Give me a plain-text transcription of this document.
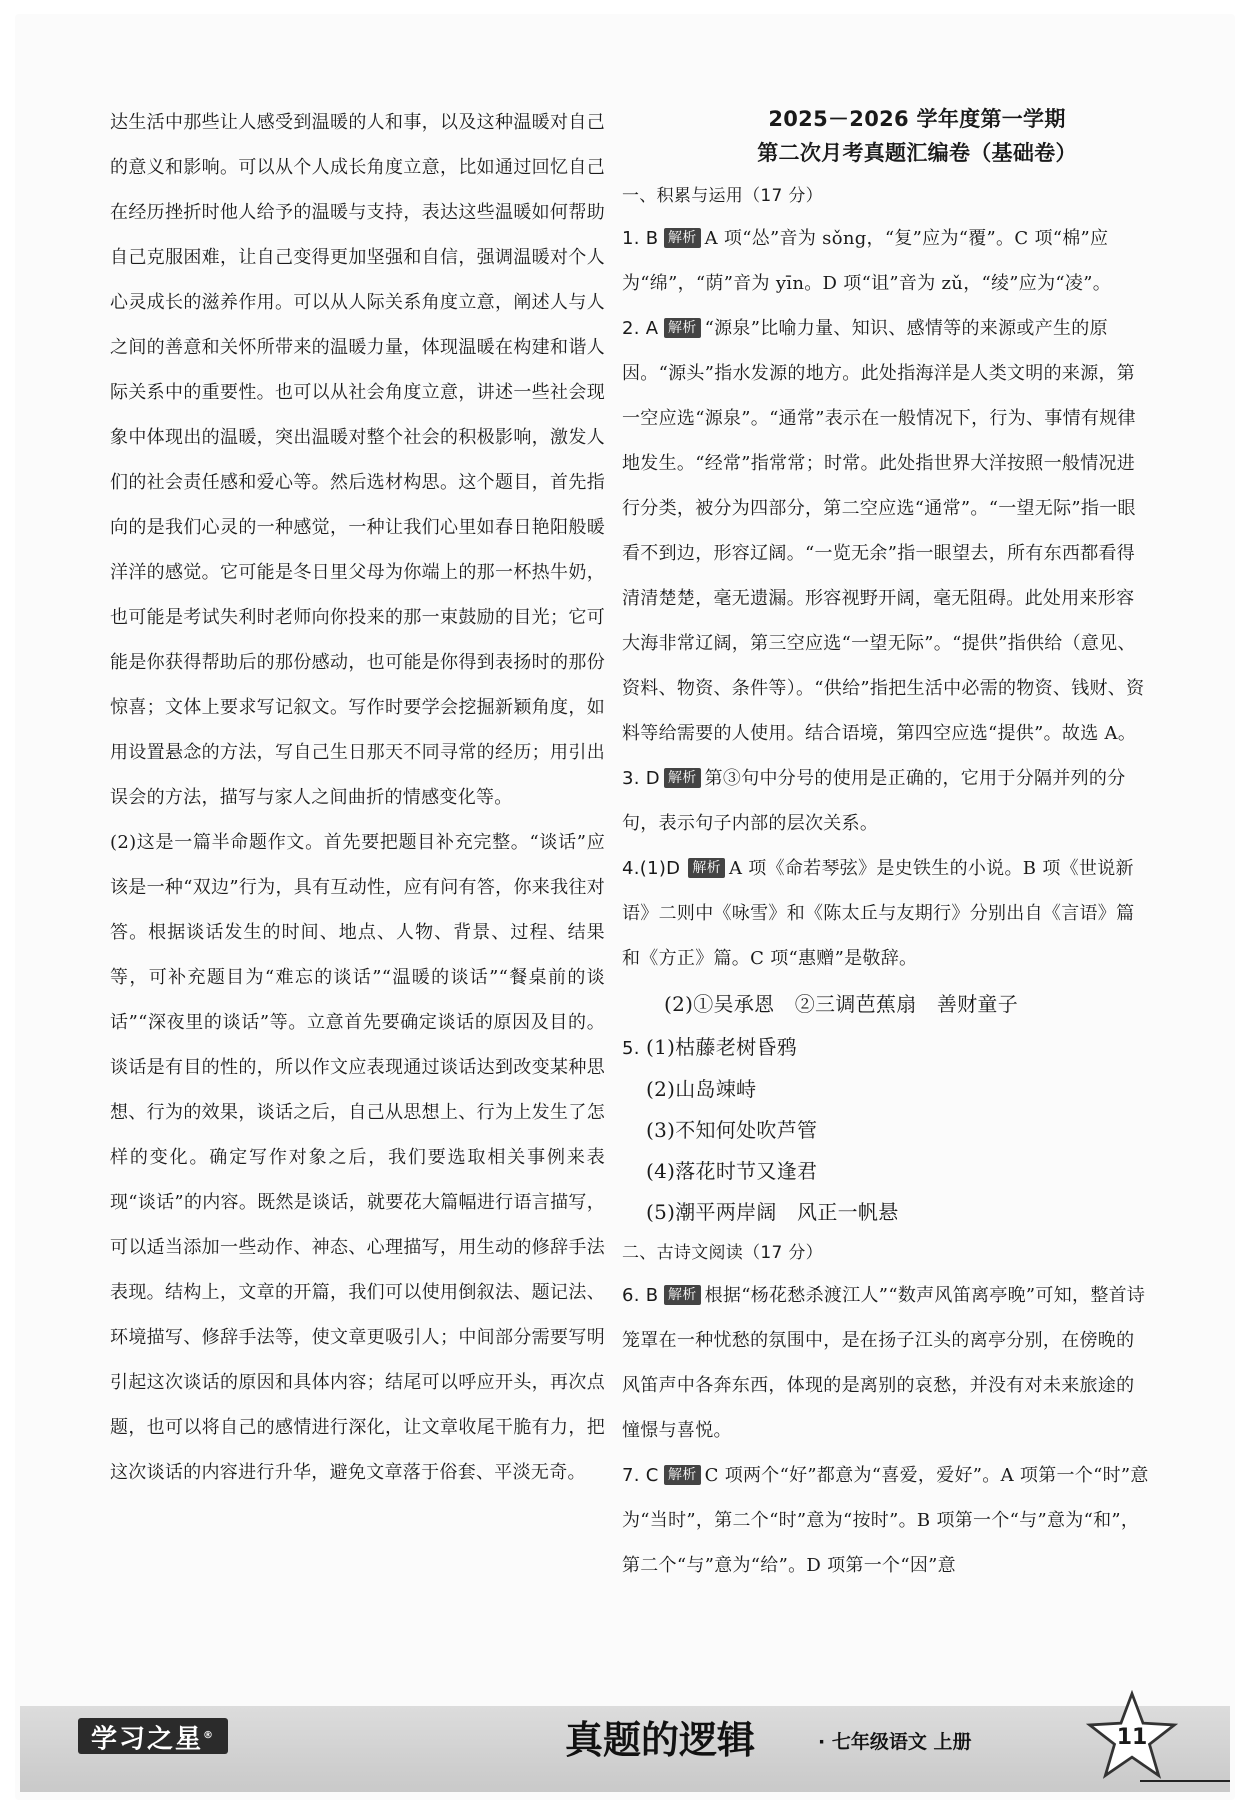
达生活中那些让人感受到温暖的人和事，以及这种温暖对自己的意义和影响。可以从个人成长角度立意，比如通过回忆自己在经历挫折时他人给予的温暖与支持，表达这些温暖如何帮助自己克服困难，让自己变得更加坚强和自信，强调温暖对个人心灵成长的滋养作用。可以从人际关系角度立意，阐述人与人之间的善意和关怀所带来的温暖力量，体现温暖在构建和谐人际关系中的重要性。也可以从社会角度立意，讲述一些社会现象中体现出的温暖，突出温暖对整个社会的积极影响，激发人们的社会责任感和爱心等。然后选材构思。这个题目，首先指向的是我们心灵的一种感觉，一种让我们心里如春日艳阳般暖洋洋的感觉。它可能是冬日里父母为你端上的那一杯热牛奶，也可能是考试失利时老师向你投来的那一束鼓励的目光；它可能是你获得帮助后的那份感动，也可能是你得到表扬时的那份惊喜；文体上要求写记叙文。写作时要学会挖掘新颖角度，如用设置悬念的方法，写自己生日那天不同寻常的经历；用引出误会的方法，描写与家人之间曲折的情感变化等。

(2)这是一篇半命题作文。首先要把题目补充完整。“谈话”应该是一种“双边”行为，具有互动性，应有问有答，你来我往对答。根据谈话发生的时间、地点、人物、背景、过程、结果等，可补充题目为“难忘的谈话”“温暖的谈话”“餐桌前的谈话”“深夜里的谈话”等。立意首先要确定谈话的原因及目的。谈话是有目的性的，所以作文应表现通过谈话达到改变某种思想、行为的效果，谈话之后，自己从思想上、行为上发生了怎样的变化。确定写作对象之后，我们要选取相关事例来表现“谈话”的内容。既然是谈话，就要花大篇幅进行语言描写，可以适当添加一些动作、神态、心理描写，用生动的修辞手法表现。结构上，文章的开篇，我们可以使用倒叙法、题记法、环境描写、修辞手法等，使文章更吸引人；中间部分需要写明引起这次谈话的原因和具体内容；结尾可以呼应开头，再次点题，也可以将自己的感情进行深化，让文章收尾干脆有力，把这次谈话的内容进行升华，避免文章落于俗套、平淡无奇。

2025－2026 学年度第一学期
第二次月考真题汇编卷（基础卷）

一、积累与运用（17 分）

1. B 解析 A 项“怂”音为 sǒng，“复”应为“覆”。C 项“棉”应为“绵”，“荫”音为 yīn。D 项“诅”音为 zǔ，“绫”应为“凌”。

2. A 解析 “源泉”比喻力量、知识、感情等的来源或产生的原因。“源头”指水发源的地方。此处指海洋是人类文明的来源，第一空应选“源泉”。“通常”表示在一般情况下，行为、事情有规律地发生。“经常”指常常；时常。此处指世界大洋按照一般情况进行分类，被分为四部分，第二空应选“通常”。“一望无际”指一眼看不到边，形容辽阔。“一览无余”指一眼望去，所有东西都看得清清楚楚，毫无遗漏。形容视野开阔，毫无阻碍。此处用来形容大海非常辽阔，第三空应选“一望无际”。“提供”指供给（意见、资料、物资、条件等）。“供给”指把生活中必需的物资、钱财、资料等给需要的人使用。结合语境，第四空应选“提供”。故选 A。

3. D 解析 第③句中分号的使用是正确的，它用于分隔并列的分句，表示句子内部的层次关系。

4.(1)D 解析 A 项《命若琴弦》是史铁生的小说。B 项《世说新语》二则中《咏雪》和《陈太丘与友期行》分别出自《言语》篇和《方正》篇。C 项“惠赠”是敬辞。

(2)①吴承恩　②三调芭蕉扇　善财童子

5. (1)枯藤老树昏鸦

(2)山岛竦峙

(3)不知何处吹芦管

(4)落花时节又逢君

(5)潮平两岸阔　风正一帆悬

二、古诗文阅读（17 分）

6. B 解析 根据“杨花愁杀渡江人”“数声风笛离亭晚”可知，整首诗笼罩在一种忧愁的氛围中，是在扬子江头的离亭分别，在傍晚的风笛声中各奔东西，体现的是离别的哀愁，并没有对未来旅途的憧憬与喜悦。

7. C 解析 C 项两个“好”都意为“喜爱，爱好”。A 项第一个“时”意为“当时”，第二个“时”意为“按时”。B 项第一个“与”意为“和”，第二个“与”意为“给”。D 项第一个“因”意

学习之星®	真题的逻辑	· 七年级语文 上册	11
